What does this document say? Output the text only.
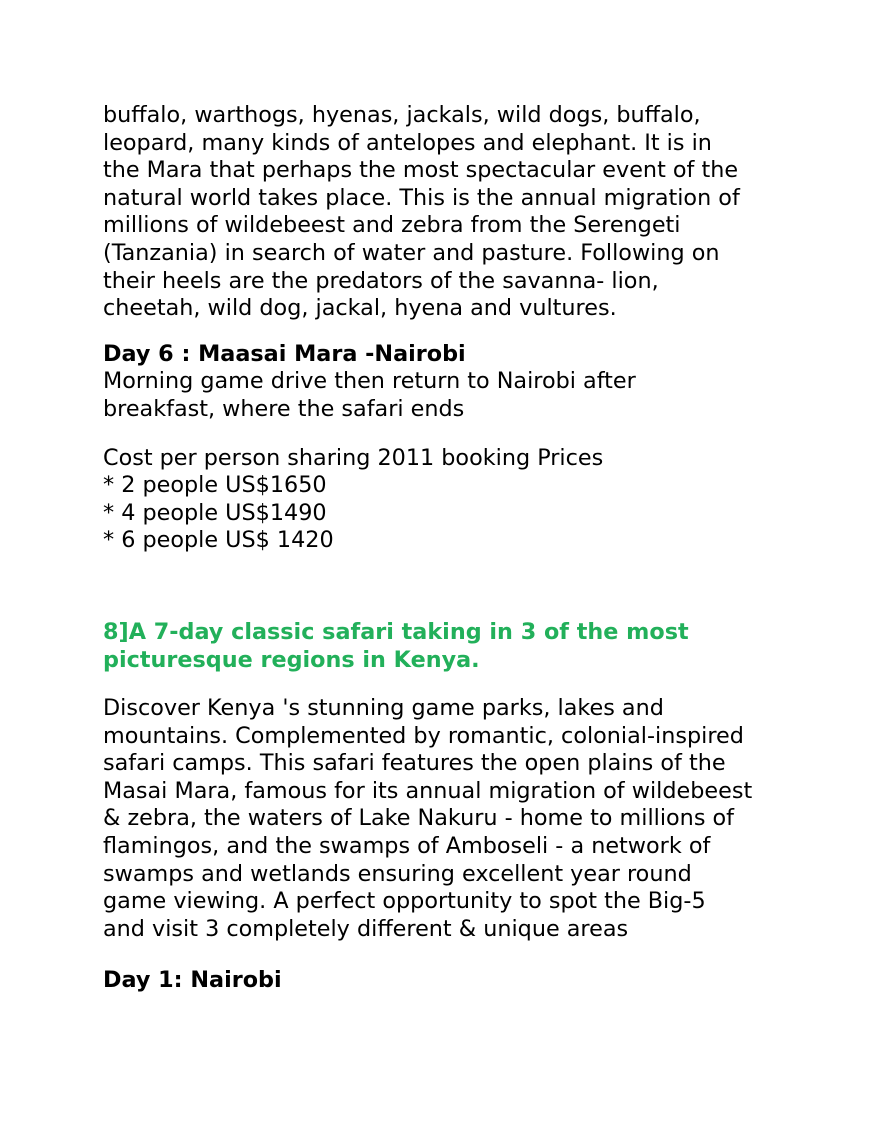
buffalo, warthogs, hyenas, jackals, wild dogs, buffalo,
leopard, many kinds of antelopes and elephant. It is in
the Mara that perhaps the most spectacular event of the
natural world takes place. This is the annual migration of
millions of wildebeest and zebra from the Serengeti
(Tanzania) in search of water and pasture. Following on
their heels are the predators of the savanna- lion,
cheetah, wild dog, jackal, hyena and vultures.

Day 6 : Maasai Mara -Nairobi
Morning game drive then return to Nairobi after
breakfast, where the safari ends

Cost per person sharing 2011 booking Prices
* 2 people US$1650
* 4 people US$1490
* 6 people US$ 1420

8]A 7-day classic safari taking in 3 of the most
picturesque regions in Kenya.

Discover Kenya 's stunning game parks, lakes and
mountains. Complemented by romantic, colonial-inspired
safari camps. This safari features the open plains of the
Masai Mara, famous for its annual migration of wildebeest
& zebra, the waters of Lake Nakuru - home to millions of
flamingos, and the swamps of Amboseli - a network of
swamps and wetlands ensuring excellent year round
game viewing. A perfect opportunity to spot the Big-5
and visit 3 completely different & unique areas

Day 1: Nairobi
